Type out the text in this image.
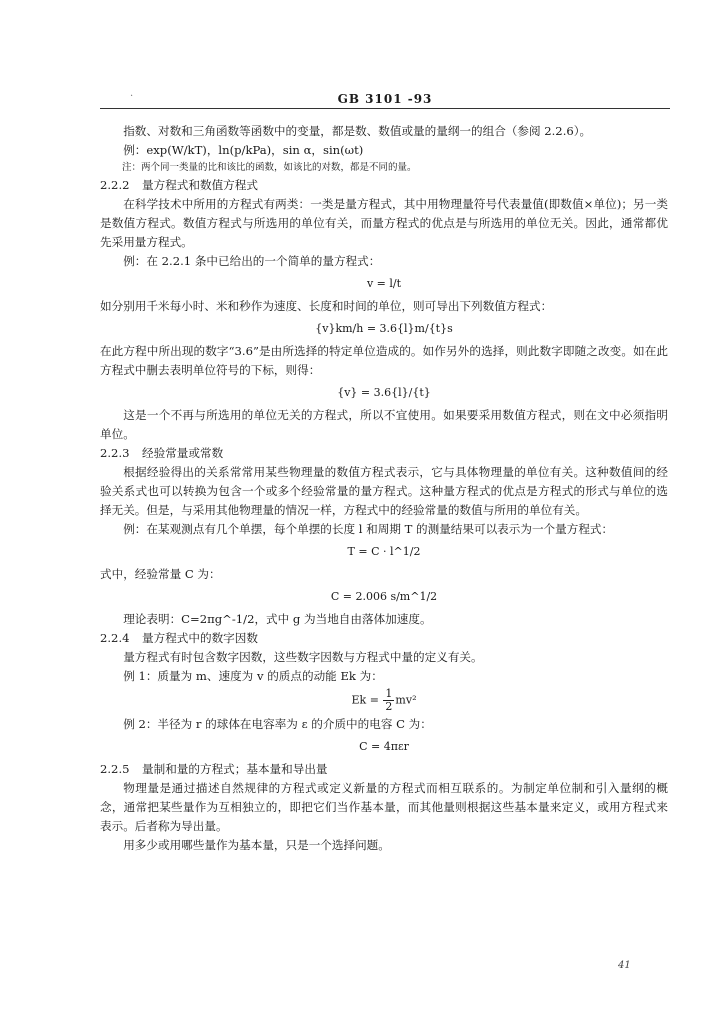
.	GB 3101 -93

指数、对数和三角函数等函数中的变量，都是数、数值或量的量纲一的组合（参阅 2.2.6）。

例：exp(W/kT)，ln(p/kPa)，sin α，sin(ωt)

注：两个同一类量的比和该比的函数，如该比的对数，都是不同的量。

2.2.2 量方程式和数值方程式

在科学技术中所用的方程式有两类：一类是量方程式，其中用物理量符号代表量值(即数值×单位)；另一类是数值方程式。数值方程式与所选用的单位有关，而量方程式的优点是与所选用的单位无关。因此，通常都优先采用量方程式。

例：在 2.2.1 条中已给出的一个简单的量方程式：

v = l/t

如分别用千米每小时、米和秒作为速度、长度和时间的单位，则可导出下列数值方程式：

{v}km/h = 3.6{l}m/{t}s

在此方程中所出现的数字“3.6”是由所选择的特定单位造成的。如作另外的选择，则此数字即随之改变。如在此方程式中删去表明单位符号的下标，则得：

{v} = 3.6{l}/{t}

这是一个不再与所选用的单位无关的方程式，所以不宜使用。如果要采用数值方程式，则在文中必须指明单位。

2.2.3 经验常量或常数

根据经验得出的关系常常用某些物理量的数值方程式表示，它与具体物理量的单位有关。这种数值间的经验关系式也可以转换为包含一个或多个经验常量的量方程式。这种量方程式的优点是方程式的形式与单位的选择无关。但是，与采用其他物理量的情况一样，方程式中的经验常量的数值与所用的单位有关。

例：在某观测点有几个单摆，每个单摆的长度 l 和周期 T 的测量结果可以表示为一个量方程式：

T = C · l^1/2

式中，经验常量 C 为：

C = 2.006 s/m^1/2

理论表明：C=2πg^-1/2，式中 g 为当地自由落体加速度。

2.2.4 量方程式中的数字因数

量方程式有时包含数字因数，这些数字因数与方程式中量的定义有关。

例 1：质量为 m、速度为 v 的质点的动能 Ek 为：

$Ek = \frac{1}{2} mv^2$

例 2：半径为 r 的球体在电容率为 ε 的介质中的电容 C 为：

C = 4πεr

2.2.5 量制和量的方程式；基本量和导出量

物理量是通过描述自然规律的方程式或定义新量的方程式而相互联系的。为制定单位制和引入量纲的概念，通常把某些量作为互相独立的，即把它们当作基本量，而其他量则根据这些基本量来定义，或用方程式来表示。后者称为导出量。

用多少或用哪些量作为基本量，只是一个选择问题。

41
